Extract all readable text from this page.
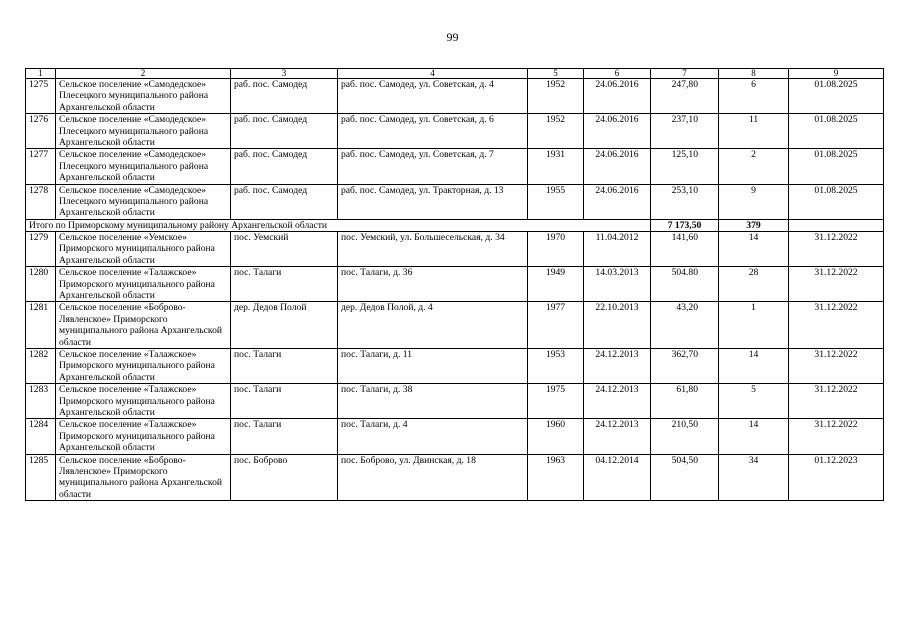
99
1	2	3	4	5	6	7	8	9
1275	Сельское поселение «Самодедское» Плесецкого муниципального района Архангельской области	раб. пос. Самодед	раб. пос. Самодед, ул. Советская, д. 4	1952	24.06.2016	247,80	6	01.08.2025
1276	Сельское поселение «Самодедское» Плесецкого муниципального района Архангельской области	раб. пос. Самодед	раб. пос. Самодед, ул. Советская, д. 6	1952	24.06.2016	237,10	11	01.08.2025
1277	Сельское поселение «Самодедское» Плесецкого муниципального района Архангельской области	раб. пос. Самодед	раб. пос. Самодед, ул. Советская, д. 7	1931	24.06.2016	125,10	2	01.08.2025
1278	Сельское поселение «Самодедское» Плесецкого муниципального района Архангельской области	раб. пос. Самодед	раб. пос. Самодед, ул. Тракторная, д. 13	1955	24.06.2016	253,10	9	01.08.2025
Итого по Приморскому муниципальному району Архангельской области						7 173,50	379	
1279	Сельское поселение «Уемское» Приморского муниципального района Архангельской области	пос. Уемский	пос. Уемский, ул. Большесельская, д. 34	1970	11.04.2012	141,60	14	31.12.2022
1280	Сельское поселение «Талажское» Приморского муниципального района Архангельской области	пос. Талаги	пос. Талаги, д. 36	1949	14.03.2013	504.80	28	31.12.2022
1281	Сельское поселение «Боброво-Лявленское» Приморского муниципального района Архангельской области	дер. Дедов Полой	дер. Дедов Полой, д. 4	1977	22.10.2013	43,20	1	31.12.2022
1282	Сельское поселение «Талажское» Приморского муниципального района Архангельской области	пос. Талаги	пос. Талаги, д. 11	1953	24.12.2013	362,70	14	31.12.2022
1283	Сельское поселение «Талажское» Приморского муниципального района Архангельской области	пос. Талаги	пос. Талаги, д. 38	1975	24.12.2013	61,80	5	31.12.2022
1284	Сельское поселение «Талажское» Приморского муниципального района Архангельской области	пос. Талаги	пос. Талаги, д. 4	1960	24.12.2013	210,50	14	31.12.2022
1285	Сельское поселение «Боброво-Лявленское» Приморского муниципального района Архангельской области	пос. Боброво	пос. Боброво, ул. Двинская, д. 18	1963	04.12.2014	504,50	34	01.12.2023
